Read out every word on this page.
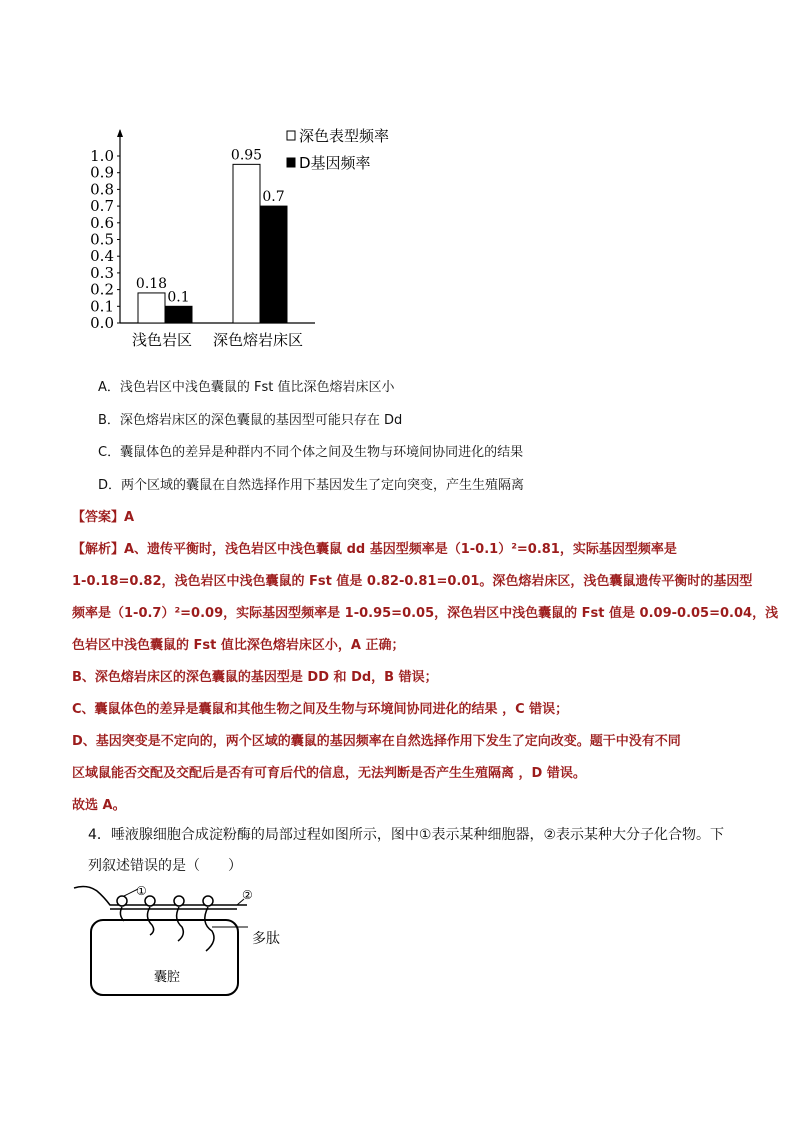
0.0
0.1
0.2
0.3
0.4
0.5
0.6
0.7
0.8
0.9
1.0
0.18
0.1
0.95
0.7
浅色岩区 深色熔岩床区
深色表型频率
D基因频率
A．浅色岩区中浅色囊鼠的 Fst 值比深色熔岩床区小
B．深色熔岩床区的深色囊鼠的基因型可能只存在 Dd
C．囊鼠体色的差异是种群内不同个体之间及生物与环境间协同进化的结果
D．两个区域的囊鼠在自然选择作用下基因发生了定向突变，产生生殖隔离
【答案】A
【解析】A、遗传平衡时，浅色岩区中浅色囊鼠 dd 基因型频率是（1-0.1）²=0.81，实际基因型频率是
1-0.18=0.82，浅色岩区中浅色囊鼠的 Fst 值是 0.82-0.81=0.01。深色熔岩床区，浅色囊鼠遗传平衡时的基因型
频率是（1-0.7）²=0.09，实际基因型频率是 1-0.95=0.05，深色岩区中浅色囊鼠的 Fst 值是 0.09-0.05=0.04，浅
色岩区中浅色囊鼠的 Fst 值比深色熔岩床区小，A 正确；
B、深色熔岩床区的深色囊鼠的基因型是 DD 和 Dd，B 错误；
C、囊鼠体色的差异是囊鼠和其他生物之间及生物与环境间协同进化的结果 ，C 错误；
D、基因突变是不定向的，两个区域的囊鼠的基因频率在自然选择作用下发生了定向改变。题干中没有不同
区域鼠能否交配及交配后是否有可育后代的信息，无法判断是否产生生殖隔离 ，D 错误。
故选 A。
4．唾液腺细胞合成淀粉酶的局部过程如图所示，图中①表示某种细胞器，②表示某种大分子化合物。下
列叙述错误的是（　　）
①	②
多肽
囊腔
